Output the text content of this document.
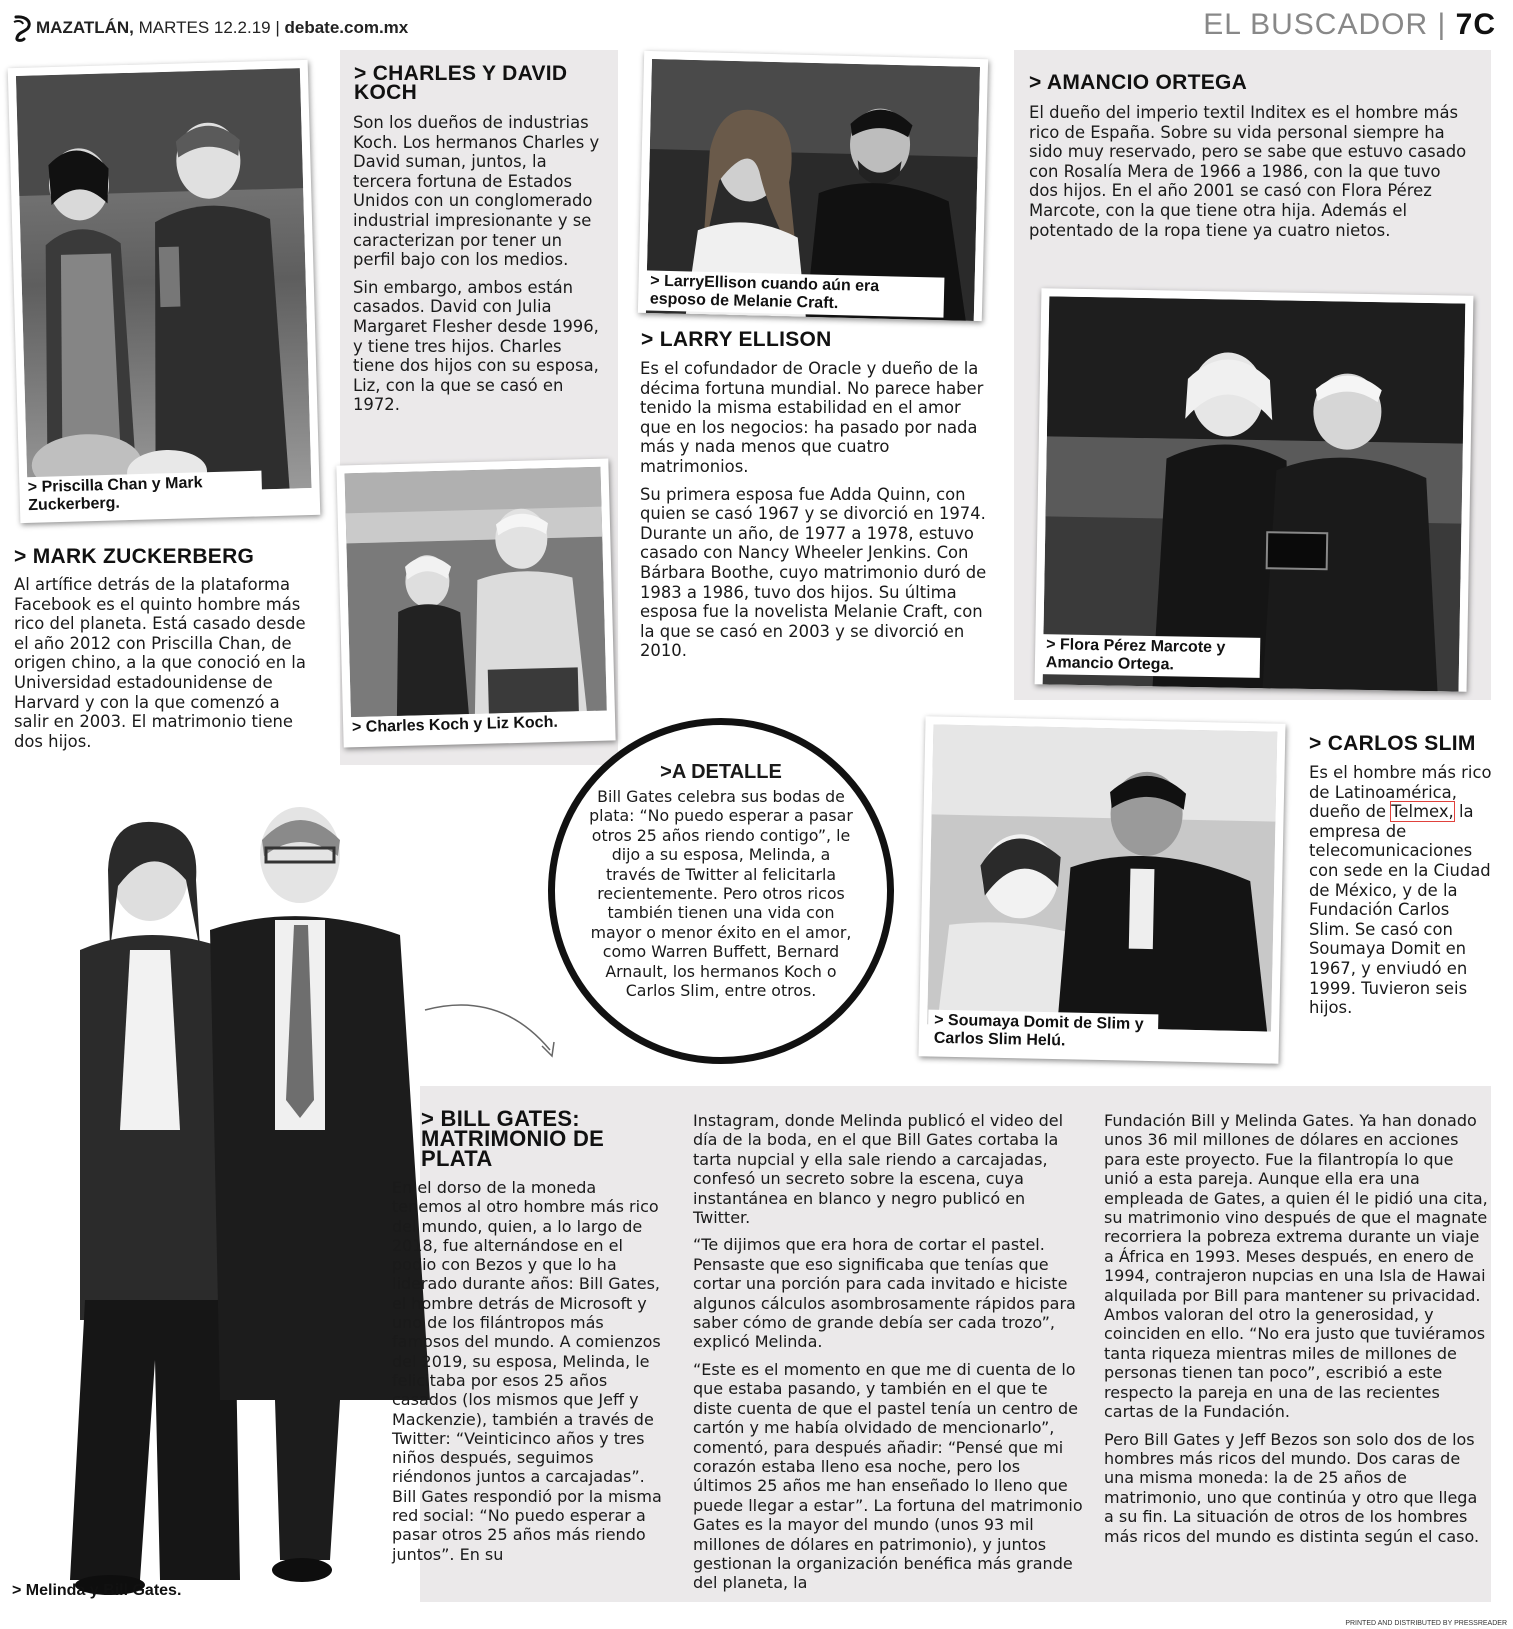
MAZATLÁN, MARTES 12.2.19 | debate.com.mx	EL BUSCADOR | 7C
> Priscilla Chan y Mark Zuckerberg.
> MARK ZUCKERBERG

Al artífice detrás de la plataforma Facebook es el quinto hombre más rico del planeta. Está casado desde el año 2012 con Priscilla Chan, de origen chino, a la que conoció en la Universidad estadounidense de Harvard y con la que comenzó a salir en 2003. El matrimonio tiene dos hijos.

> CHARLES Y DAVID KOCH

Son los dueños de industrias Koch. Los hermanos Charles y David suman, juntos, la tercera fortuna de Estados Unidos con un conglomerado industrial impresionante y se caracterizan por tener un perfil bajo con los medios.

Sin embargo, ambos están casados. David con Julia Margaret Flesher desde 1996, y tiene tres hijos. Charles tiene dos hijos con su esposa, Liz, con la que se casó en 1972.

> Charles Koch y Liz Koch.
> LarryEllison cuando aún era esposo de Melanie Craft.
> LARRY ELLISON

Es el cofundador de Oracle y dueño de la décima fortuna mundial. No parece haber tenido la misma estabilidad en el amor que en los negocios: ha pasado por nada más y nada menos que cuatro matrimonios.

Su primera esposa fue Adda Quinn, con quien se casó 1967 y se divorció en 1974. Durante un año, de 1977 a 1978, estuvo casado con Nancy Wheeler Jenkins. Con Bárbara Boothe, cuyo matrimonio duró de 1983 a 1986, tuvo dos hijos. Su última esposa fue la novelista Melanie Craft, con la que se casó en 2003 y se divorció en 2010.

> AMANCIO ORTEGA

El dueño del imperio textil Inditex es el hombre más rico de España. Sobre su vida personal siempre ha sido muy reservado, pero se sabe que estuvo casado con Rosalía Mera de 1966 a 1986, con la que tuvo dos hijos. En el año 2001 se casó con Flora Pérez Marcote, con la que tiene otra hija. Además el potentado de la ropa tiene ya cuatro nietos.

> Flora Pérez Marcote y Amancio Ortega.
>A DETALLE
Bill Gates celebra sus bodas de plata: “No puedo esperar a pasar otros 25 años riendo contigo”, le dijo a su esposa, Melinda, a través de Twitter al felicitarla recientemente. Pero otros ricos también tienen una vida con mayor o menor éxito en el amor, como Warren Buffett, Bernard Arnault, los hermanos Koch o Carlos Slim, entre otros.
> Soumaya Domit de Slim y Carlos Slim Helú.
> CARLOS SLIM

Es el hombre más rico de Latinoamérica, dueño de Telmex, la empresa de telecomunicaciones con sede en la Ciudad de México, y de la Fundación Carlos Slim. Se casó con Soumaya Domit en 1967, y enviudó en 1999. Tuvieron seis hijos.

> Melinda y Bill Gates.
> BILL GATES: MATRIMONIO DE PLATA

En el dorso de la moneda tenemos al otro hombre más rico del mundo, quien, a lo largo de 2018, fue alternándose en el podio con Bezos y que lo ha liderado durante años: Bill Gates, el hombre detrás de Microsoft y uno de los filántropos más famosos del mundo. A comienzos del 2019, su esposa, Melinda, le felicitaba por esos 25 años casados (los mismos que Jeff y Mackenzie), también a través de Twitter: “Veinticinco años y tres niños después, seguimos riéndonos juntos a carcajadas”. Bill Gates respondió por la misma red social: “No puedo esperar a pasar otros 25 años más riendo juntos”. En su

Instagram, donde Melinda publicó el video del día de la boda, en el que Bill Gates cortaba la tarta nupcial y ella sale riendo a carcajadas, confesó un secreto sobre la escena, cuya instantánea en blanco y negro publicó en Twitter.

“Te dijimos que era hora de cortar el pastel. Pensaste que eso significaba que tenías que cortar una porción para cada invitado e hiciste algunos cálculos asombrosamente rápidos para saber cómo de grande debía ser cada trozo”, explicó Melinda.

“Este es el momento en que me di cuenta de lo que estaba pasando, y también en el que te diste cuenta de que el pastel tenía un centro de cartón y me había olvidado de mencionarlo”, comentó, para después añadir: “Pensé que mi corazón estaba lleno esa noche, pero los últimos 25 años me han enseñado lo lleno que puede llegar a estar”. La fortuna del matrimonio Gates es la mayor del mundo (unos 93 mil millones de dólares en patrimonio), y juntos gestionan la organización benéfica más grande del planeta, la

Fundación Bill y Melinda Gates. Ya han donado unos 36 mil millones de dólares en acciones para este proyecto. Fue la filantropía lo que unió a esta pareja. Aunque ella era una empleada de Gates, a quien él le pidió una cita, su matrimonio vino después de que el magnate recorriera la pobreza extrema durante un viaje a África en 1993. Meses después, en enero de 1994, contrajeron nupcias en una Isla de Hawai alquilada por Bill para mantener su privacidad. Ambos valoran del otro la generosidad, y coinciden en ello. “No era justo que tuviéramos tanta riqueza mientras miles de millones de personas tienen tan poco”, escribió a este respecto la pareja en una de las recientes cartas de la Fundación.

Pero Bill Gates y Jeff Bezos son solo dos de los hombres más ricos del mundo. Dos caras de una misma moneda: la de 25 años de matrimonio, uno que continúa y otro que llega a su fin. La situación de otros de los hombres más ricos del mundo es distinta según el caso.

PRINTED AND DISTRIBUTED BY PRESSREADER
